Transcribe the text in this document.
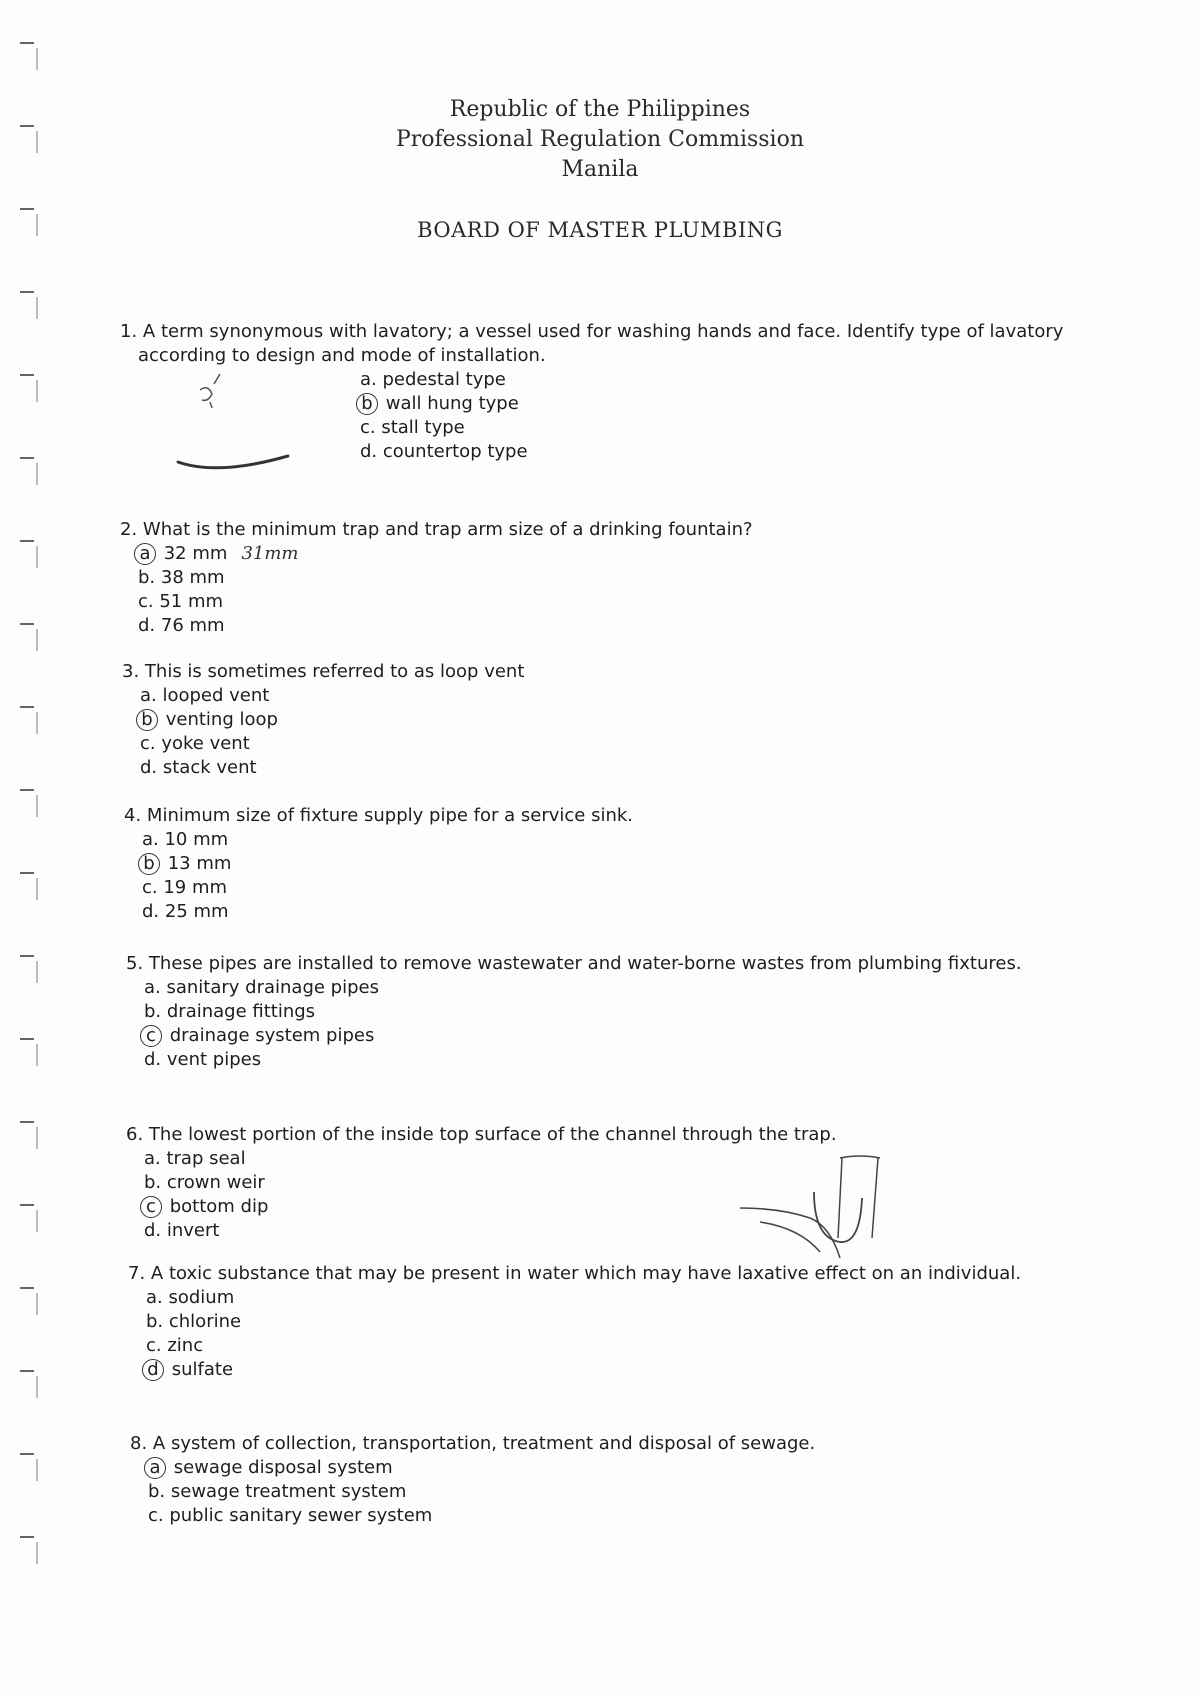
Republic of the Philippines
Professional Regulation Commission
Manila
BOARD OF MASTER PLUMBING

1. A term synonymous with lavatory; a vessel used for washing hands and face. Identify type of lavatory according to design and mode of installation.

a. pedestal type
b wall hung type
c. stall type
d. countertop type

2. What is the minimum trap and trap arm size of a drinking fountain?

a 32 mm 31mm
b. 38 mm
c. 51 mm
d. 76 mm

3. This is sometimes referred to as loop vent

a. looped vent
b venting loop
c. yoke vent
d. stack vent

4. Minimum size of fixture supply pipe for a service sink.

a. 10 mm
b 13 mm
c. 19 mm
d. 25 mm

5. These pipes are installed to remove wastewater and water-borne wastes from plumbing fixtures.

a. sanitary drainage pipes
b. drainage fittings
c drainage system pipes
d. vent pipes

6. The lowest portion of the inside top surface of the channel through the trap.

a. trap seal
b. crown weir
c bottom dip
d. invert

7. A toxic substance that may be present in water which may have laxative effect on an individual.

a. sodium
b. chlorine
c. zinc
d sulfate

8. A system of collection, transportation, treatment and disposal of sewage.

a sewage disposal system
b. sewage treatment system
c. public sanitary sewer system
